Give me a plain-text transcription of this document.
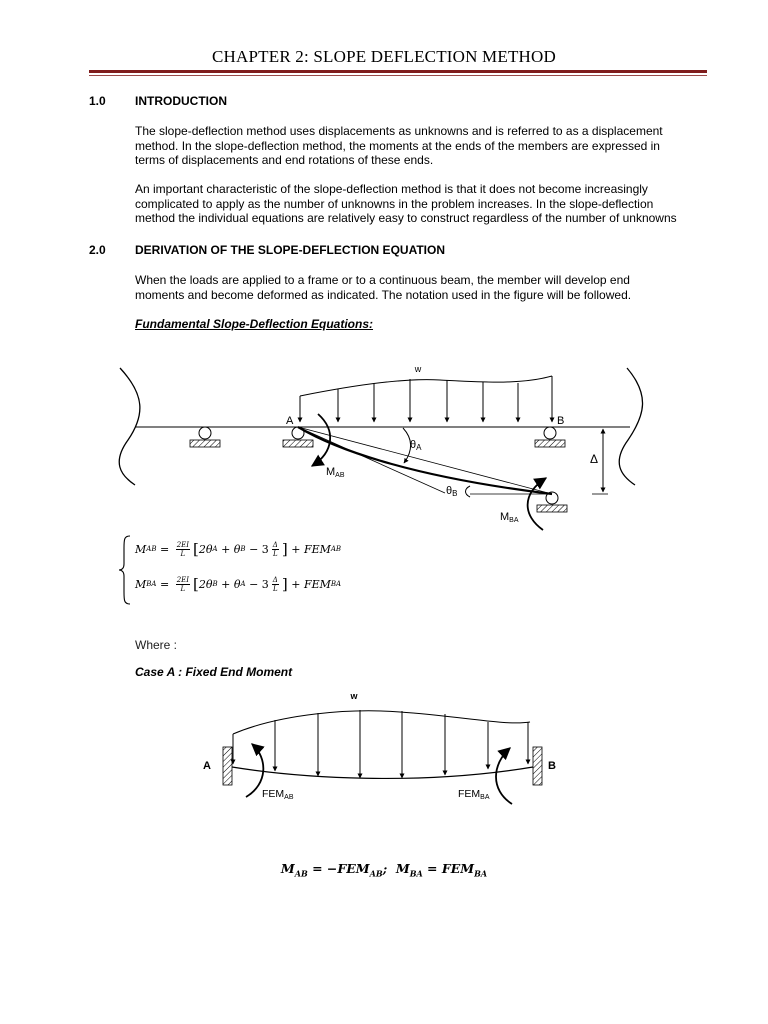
CHAPTER 2: SLOPE DEFLECTION METHOD
1.0 INTRODUCTION
The slope-deflection method uses displacements as unknowns and is referred to as a displacement
method. In the slope-deflection method, the moments at the ends of the members are expressed in
terms of displacements and end rotations of these ends.
An important characteristic of the slope-deflection method is that it does not become increasingly
complicated to apply as the number of unknowns in the problem increases. In the slope-deflection
method the individual equations are relatively easy to construct regardless of the number of unknowns
2.0 DERIVATION OF THE SLOPE-DEFLECTION EQUATION
When the loads are applied to a frame or to a continuous beam, the member will develop end
moments and become deformed as indicated. The notation used in the figure will be followed.
Fundamental Slope-Deflection Equations:
w
θA
θB
Δ
A	B
MAB
MBA
M AB = $\frac{2EI}{L}$ [ 2θ A + θ $B - 3 \frac{\Delta}{L}$ ] + FEM AB
M BA = $\frac{2EI}{L}$ [ 2θ B + θ $A - 3 \frac{\Delta}{L}$ ] + FEM BA
Where :
Case A : Fixed End Moment
w
A	B
FEMAB	FEMBA
$M_{AB} = -FEM_{AB}$;  $M_{BA} = FEM_{BA}$
